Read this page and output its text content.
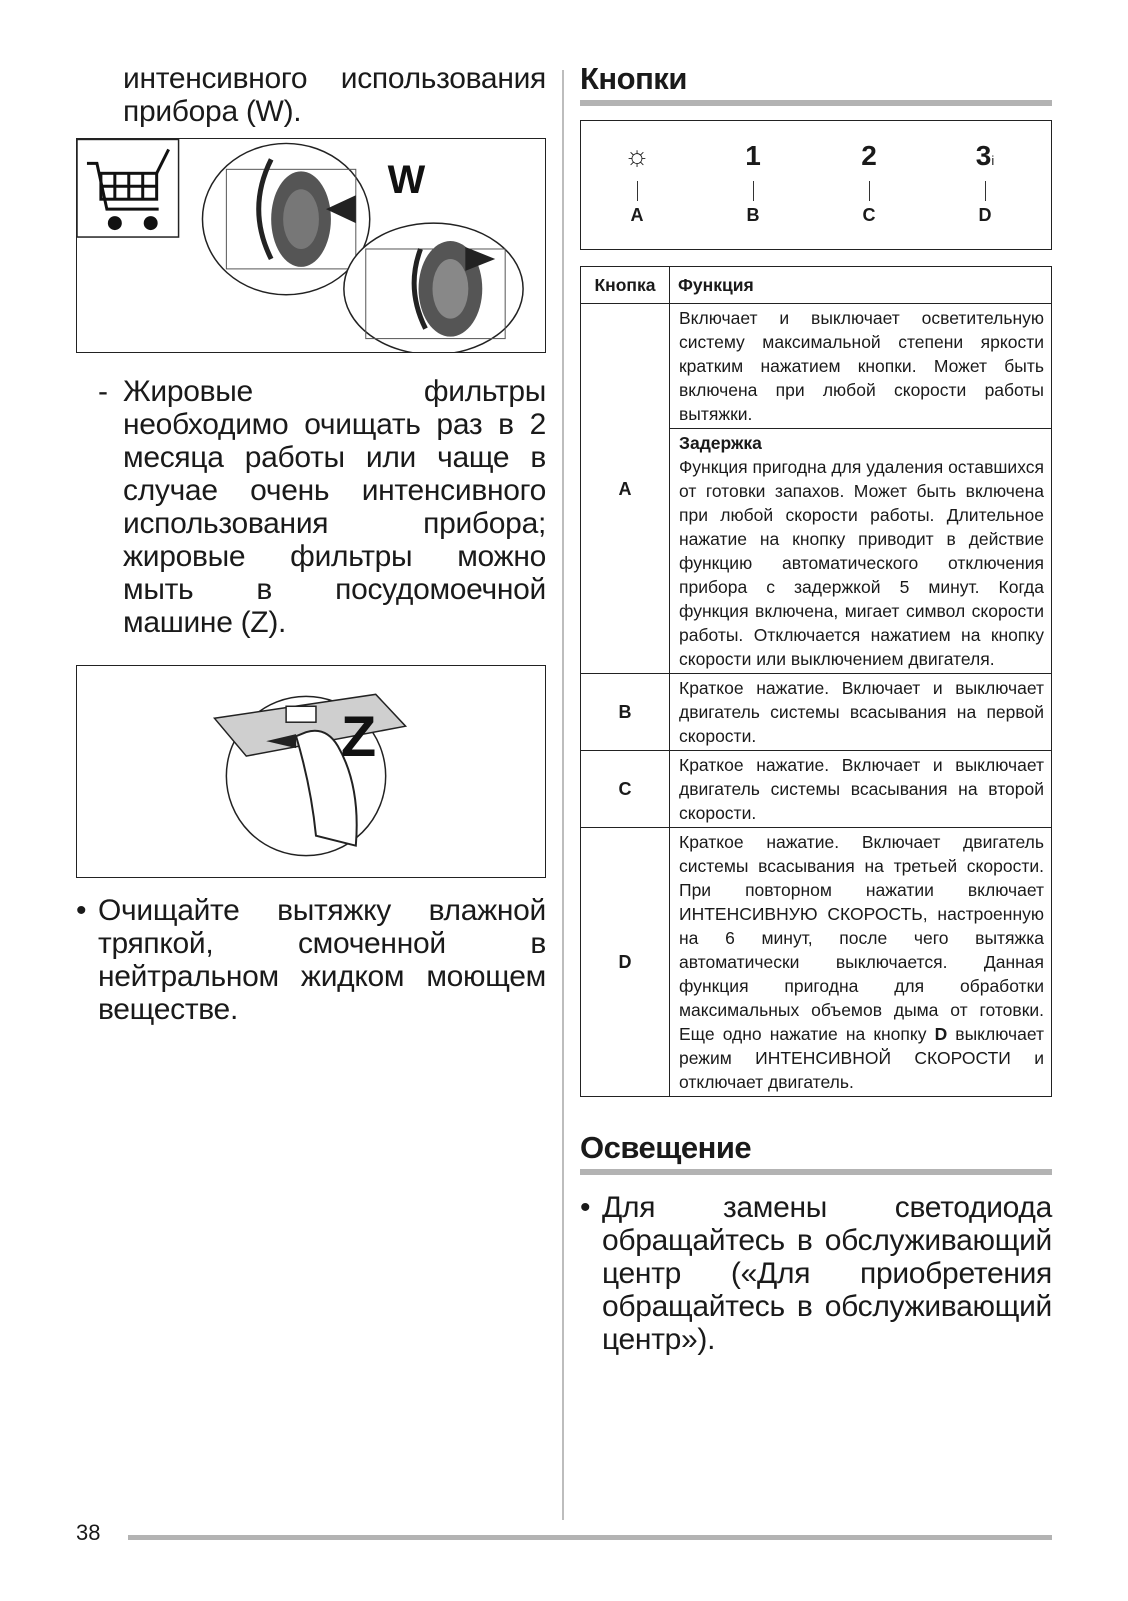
интенсивного использования прибора (W).
W
- Жировые фильтры необходимо очищать раз в 2 месяца работы или чаще в случае очень интенсивного использования прибора; жировые фильтры можно мыть в посудомоечной машине (Z).
Z
• Очищайте вытяжку влажной тряпкой, смоченной в нейтральном жидком моющем веществе.
Кнопки
☼
A
1
B
2
C
3i
D
Кнопка	Функция
A	Включает и выключает осветительную систему максимальной степени яркости кратким нажатием кнопки. Может быть включена при любой скорости работы вытяжки.

	Задержка
Функция пригодна для удаления оставшихся от готовки запахов. Может быть включена при любой скорости работы. Длительное нажатие на кнопку приводит в действие функцию автоматического отключения прибора с задержкой 5 минут. Когда функция включена, мигает символ скорости работы. Отключается нажатием на кнопку скорости или выключением двигателя.

B	Краткое нажатие. Включает и выключает двигатель системы всасывания на первой скорости.
C	Краткое нажатие. Включает и выключает двигатель системы всасывания на второй скорости.
D	Краткое нажатие. Включает двигатель системы всасывания на третьей скорости. При повторном нажатии включает ИНТЕНСИВНУЮ СКОРОСТЬ, настроенную на 6 минут, после чего вытяжка автоматически выключается. Данная функция пригодна для обработки максимальных объемов дыма от готовки. Еще одно нажатие на кнопку D выключает режим ИНТЕНСИВНОЙ СКОРОСТИ и отключает двигатель.
Освещение
• Для замены светодиода обращайтесь в обслуживающий центр («Для приобретения обращайтесь в обслуживающий центр»).
38
